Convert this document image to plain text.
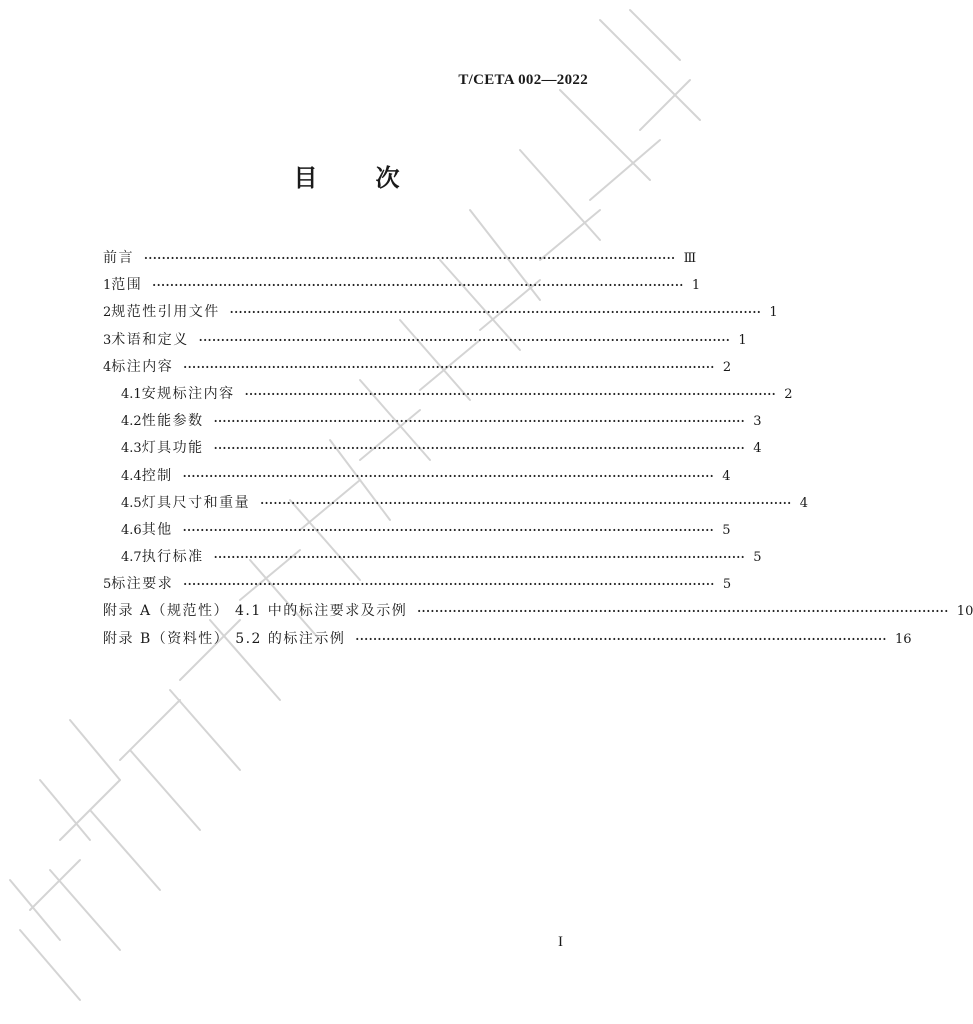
T/CETA 002—2022
目 次
前言 ························································································································ Ⅲ
1 范围 ························································································································ 1
2 规范性引用文件 ························································································································ 1
3 术语和定义 ························································································································ 1
4 标注内容 ························································································································ 2
4.1 安规标注内容 ························································································································ 2
4.2 性能参数 ························································································································ 3
4.3 灯具功能 ························································································································ 4
4.4 控制 ························································································································ 4
4.5 灯具尺寸和重量 ························································································································ 4
4.6 其他 ························································································································ 5
4.7 执行标准 ························································································································ 5
5 标注要求 ························································································································ 5
附录 A（规范性） 4.1 中的标注要求及示例 ························································································································ 10
附录 B（资料性） 5.2 的标注示例 ························································································································ 16
I
